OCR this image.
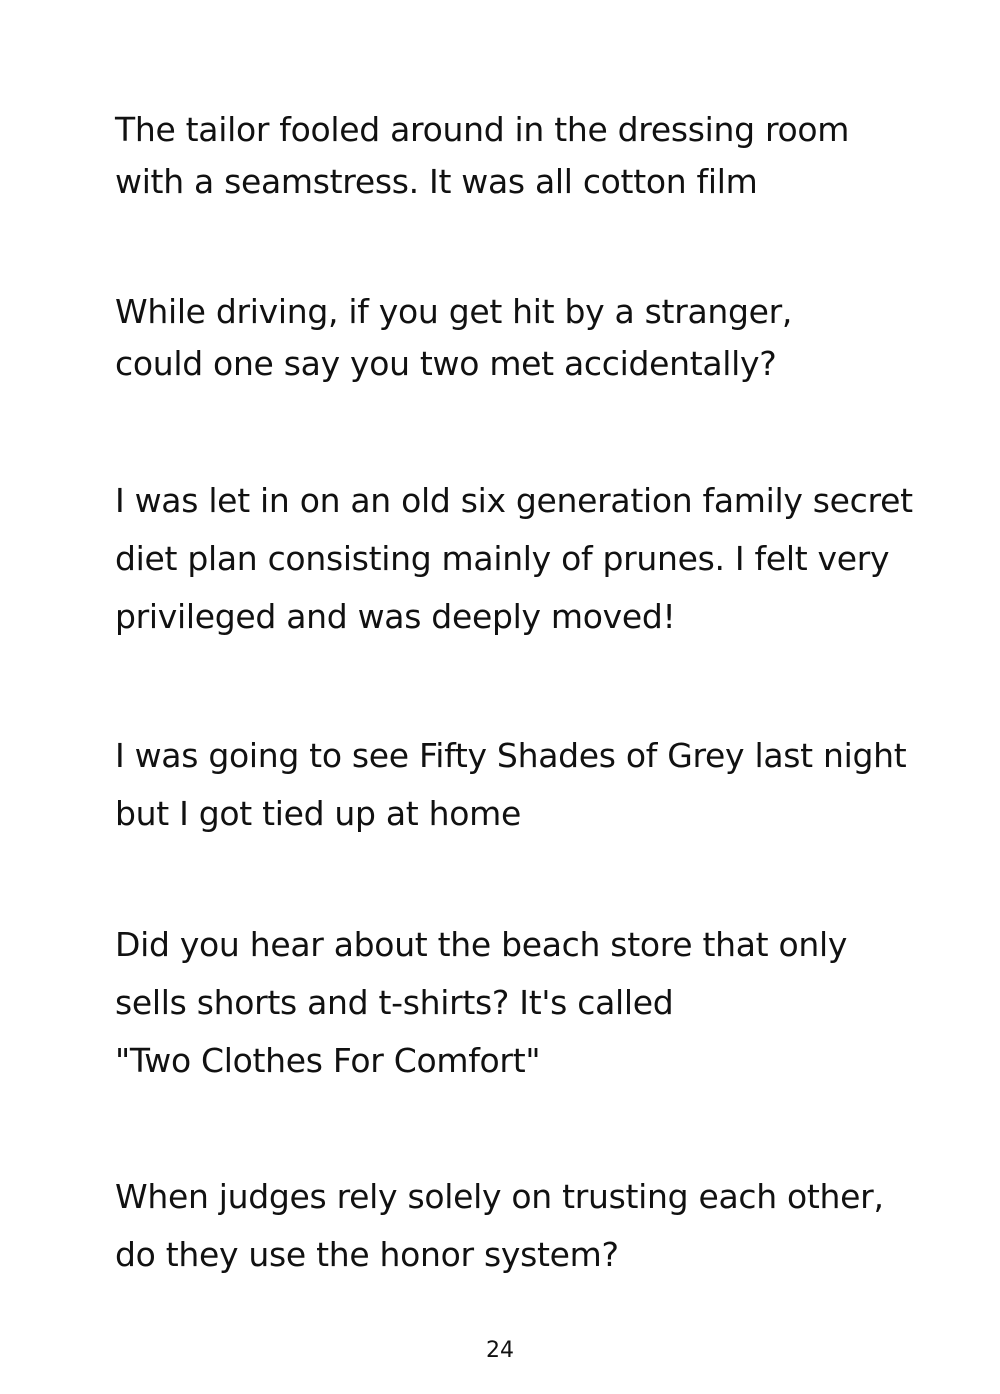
The tailor fooled around in the dressing room
with a seamstress. It was all cotton film

While driving, if you get hit by a stranger,
could one say you two met accidentally?

I was let in on an old six generation family secret
diet plan consisting mainly of prunes. I felt very
privileged and was deeply moved!

I was going to see Fifty Shades of Grey last night
but I got tied up at home

Did you hear about the beach store that only
sells shorts and t-shirts? It's called
"Two Clothes For Comfort"

When judges rely solely on trusting each other,
do they use the honor system?

24
